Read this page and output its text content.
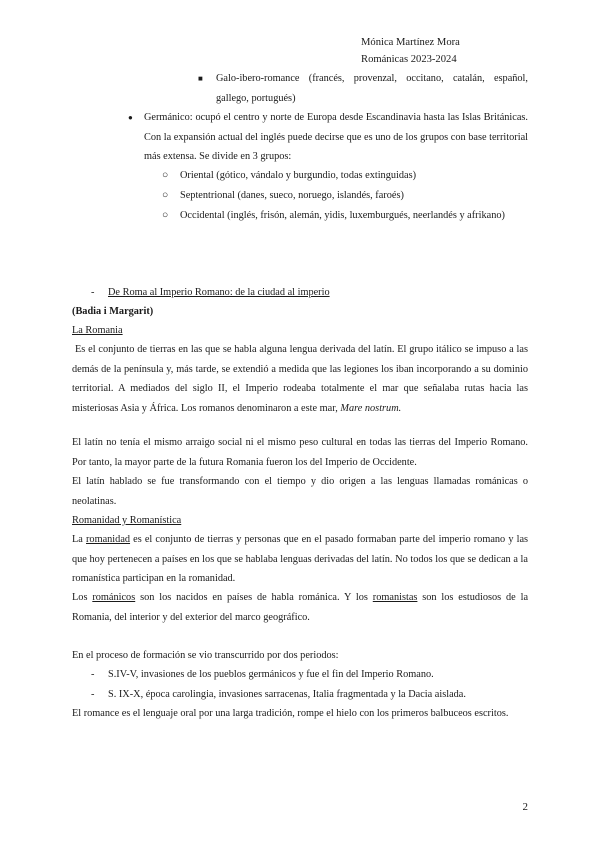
Mónica Martínez Mora
Románicas 2023-2024
■ Galo-ibero-romance (francés, provenzal, occitano, catalán, español,
gallego, portugués)
● Germánico: ocupó el centro y norte de Europa desde Escandinavia hasta las Islas Británicas. Con la expansión actual del inglés puede decirse que es uno de los grupos con base territorial más extensa. Se divide en 3 grupos:
○ Oriental (gótico, vándalo y burgundio, todas extinguidas)
○ Septentrional (danes, sueco, noruego, islandés, faroés)
○ Occidental (inglés, frisón, alemán, yidis, luxemburgués, neerlandés y afrikano)
- De Roma al Imperio Romano: de la ciudad al imperio
(Badia i Margarit)
La Romania
Es el conjunto de tierras en las que se habla alguna lengua derivada del latín. El grupo itálico se impuso a las demás de la península y, más tarde, se extendió a medida que las legiones los iban incorporando a su dominio territorial. A mediados del siglo II, el Imperio rodeaba totalmente el mar que señalaba rutas hacia las misteriosas Asia y África. Los romanos denominaron a este mar, Mare nostrum.
El latín no tenía el mismo arraigo social ni el mismo peso cultural en todas las tierras del Imperio Romano. Por tanto, la mayor parte de la futura Romania fueron los del Imperio de Occidente.
El latín hablado se fue transformando con el tiempo y dio origen a las lenguas llamadas románicas o neolatinas.
Romanidad y Romanística
La romanidad es el conjunto de tierras y personas que en el pasado formaban parte del imperio romano y las que hoy pertenecen a países en los que se hablaba lenguas derivadas del latín. No todos los que se dedican a la romanística participan en la romanidad.
Los románicos son los nacidos en países de habla románica. Y los romanistas son los estudiosos de la Romania, del interior y del exterior del marco geográfico.
En el proceso de formación se vio transcurrido por dos periodos:
- S.IV-V, invasiones de los pueblos germánicos y fue el fin del Imperio Romano.
- S. IX-X, época carolingia, invasiones sarracenas, Italia fragmentada y la Dacia aislada.
El romance es el lenguaje oral por una larga tradición, rompe el hielo con los primeros balbuceos escritos.
2
